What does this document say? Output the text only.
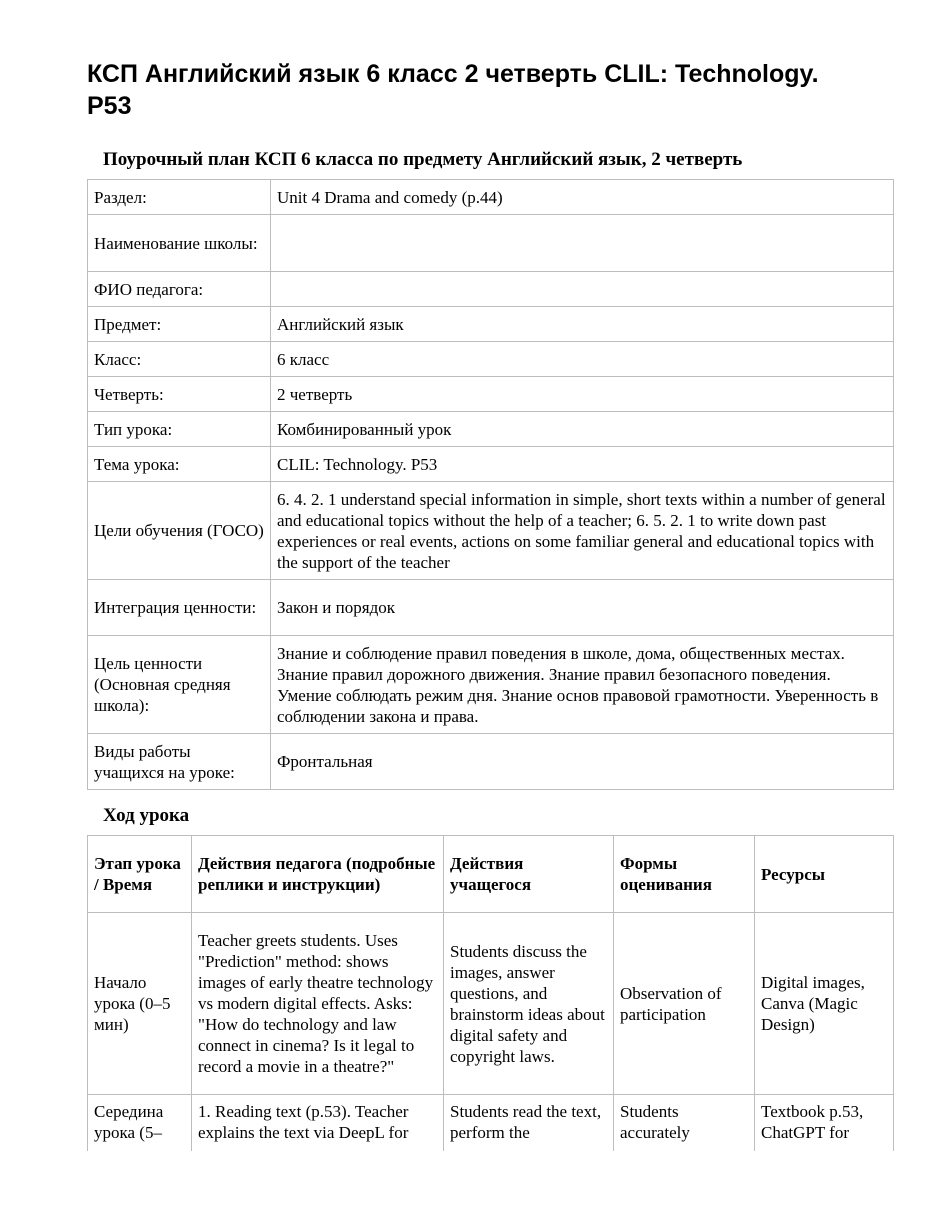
КСП Английский язык 6 класс 2 четверть CLIL: Technology. P53
Поурочный план КСП 6 класса по предмету Английский язык, 2 четверть
Раздел:	Unit 4 Drama and comedy (p.44)
Наименование школы:	
ФИО педагога:	
Предмет:	Английский язык
Класс:	6 класс
Четверть:	2 четверть
Тип урока:	Комбинированный урок
Тема урока:	CLIL: Technology. P53
Цели обучения (ГОСО)	6. 4. 2. 1 understand special information in simple, short texts within a number of general and educational topics without the help of a teacher; 6. 5. 2. 1 to write down past experiences or real events, actions on some familiar general and educational topics with the support of the teacher
Интеграция ценности:	Закон и порядок
Цель ценности (Основная средняя школа):	Знание и соблюдение правил поведения в школе, дома, общественных местах. Знание правил дорожного движения. Знание правил безопасного поведения. Умение соблюдать режим дня. Знание основ правовой грамотности. Уверенность в соблюдении закона и права.
Виды работы учащихся на уроке:	Фронтальная
Ход урока
Этап урока / Время	Действия педагога (подробные реплики и инструкции)	Действия учащегося	Формы оценивания	Ресурсы
Начало урока (0–5 мин)	Teacher greets students. Uses "Prediction" method: shows images of early theatre technology vs modern digital effects. Asks: "How do technology and law connect in cinema? Is it legal to record a movie in a theatre?"	Students discuss the images, answer questions, and brainstorm ideas about digital safety and copyright laws.	Observation of participation	Digital images, Canva (Magic Design)
Середина урока (5–	1. Reading text (p.53). Teacher explains the text via DeepL for	Students read the text, perform the	Students accurately	Textbook p.53, ChatGPT for
